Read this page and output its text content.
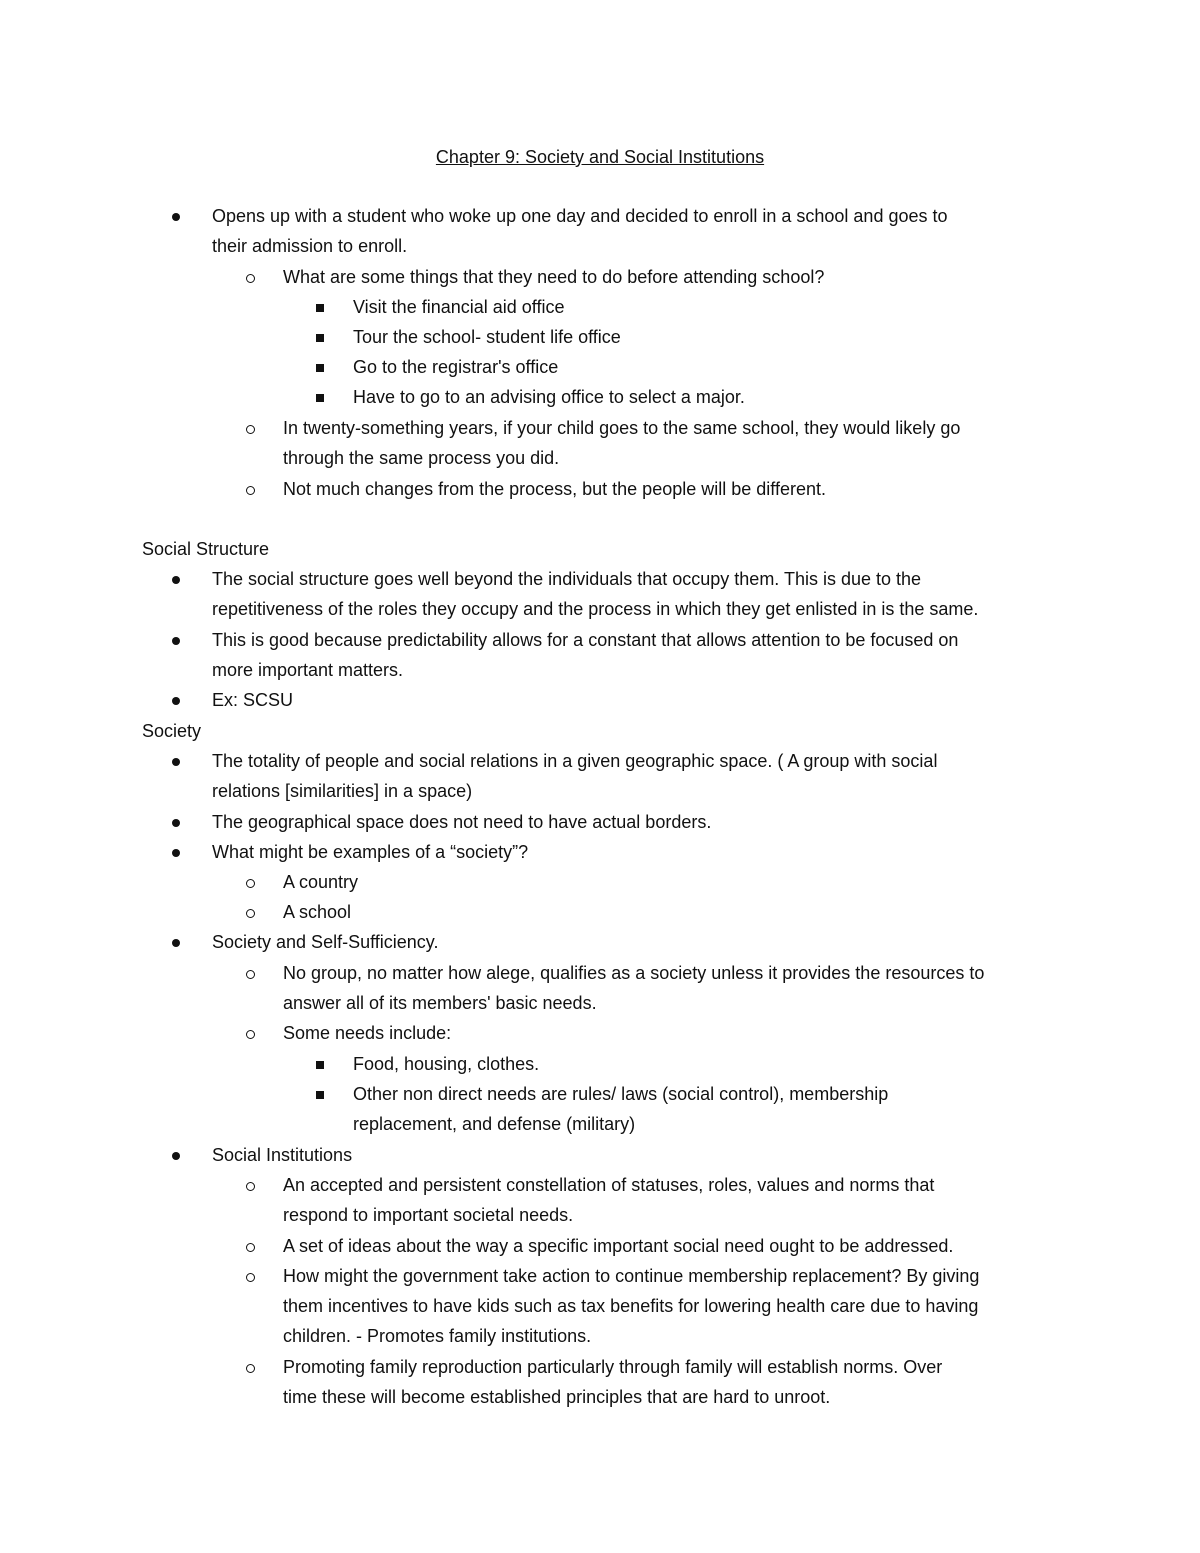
Chapter 9: Society and Social Institutions
Opens up with a student who woke up one day and decided to enroll in a school and goes to
their admission to enroll.
What are some things that they need to do before attending school?
Visit the financial aid office
Tour the school- student life office
Go to the registrar's office
Have to go to an advising office to select a major.
In twenty-something years, if your child goes to the same school, they would likely go
through the same process you did.
Not much changes from the process, but the people will be different.
Social Structure
The social structure goes well beyond the individuals that occupy them. This is due to the
repetitiveness of the roles they occupy and the process in which they get enlisted in is the same.
This is good because predictability allows for a constant that allows attention to be focused on
more important matters.
Ex: SCSU
Society
The totality of people and social relations in a given geographic space. ( A group with social
relations [similarities] in a space)
The geographical space does not need to have actual borders.
What might be examples of a “society”?
A country
A school
Society and Self-Sufficiency.
No group, no matter how alege, qualifies as a society unless it provides the resources to
answer all of its members' basic needs.
Some needs include:
Food, housing, clothes.
Other non direct needs are rules/ laws (social control), membership
replacement, and defense (military)
Social Institutions
An accepted and persistent constellation of statuses, roles, values and norms that
respond to important societal needs.
A set of ideas about the way a specific important social need ought to be addressed.
How might the government take action to continue membership replacement? By giving
them incentives to have kids such as tax benefits for lowering health care due to having
children. - Promotes family institutions.
Promoting family reproduction particularly through family will establish norms. Over
time these will become established principles that are hard to unroot.
